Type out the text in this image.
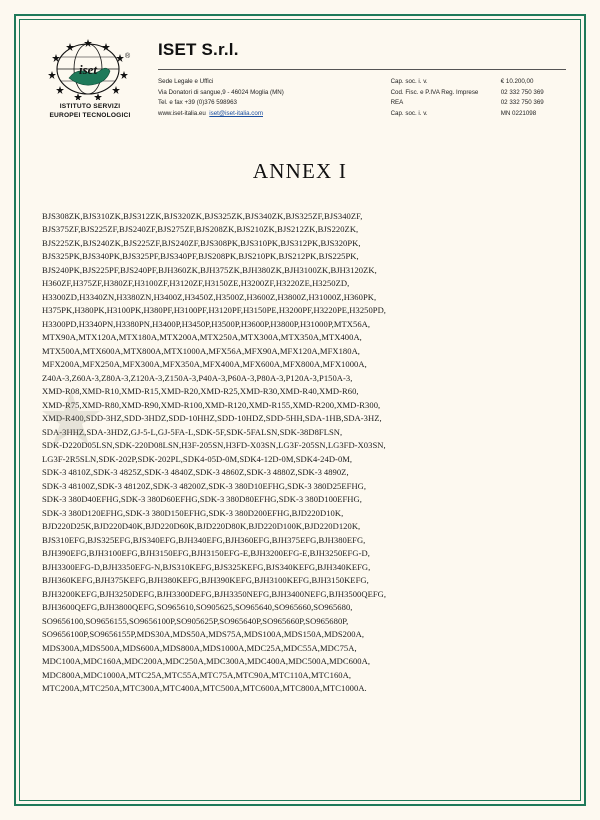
iset
®
ISTITUTO SERVIZI
EUROPEI TECNOLOGICI
ISET S.r.l.
Sede Legale e Uffici	Cap. soc. i. v.	€ 10.200,00
Via Donatori di sangue,9 - 46024 Moglia (MN)	Cod. Fisc. e P.IVA Reg. Imprese	02 332 750 369
Tel. e fax +39 (0)376 598963	REA	02 332 750 369
www.iset-italia.eu iset@iset-italia.com	Cap. soc. i. v.	MN 0221098
ANNEX I
BJS308ZK,BJS310ZK,BJS312ZK,BJS320ZK,BJS325ZK,BJS340ZK,BJS325ZF,BJS340ZF,
BJS375ZF,BJS225ZF,BJS240ZF,BJS275ZF,BJS208ZK,BJS210ZK,BJS212ZK,BJS220ZK,
BJS225ZK,BJS240ZK,BJS225ZF,BJS240ZF,BJS308PK,BJS310PK,BJS312PK,BJS320PK,
BJS325PK,BJS340PK,BJS325PF,BJS340PF,BJS208PK,BJS210PK,BJS212PK,BJS225PK,
BJS240PK,BJS225PF,BJS240PF,BJH360ZK,BJH375ZK,BJH380ZK,BJH3100ZK,BJH3120ZK,
H360ZF,H375ZF,H380ZF,H3100ZF,H3120ZF,H3150ZE,H3200ZF,H3220ZE,H3250ZD,
H3300ZD,H3340ZN,H3380ZN,H3400Z,H3450Z,H3500Z,H3600Z,H3800Z,H31000Z,H360PK,
H375PK,H380PK,H3100PK,H380PF,H3100PF,H3120PF,H3150PE,H3200PF,H3220PE,H3250PD,
H3300PD,H3340PN,H3380PN,H3400P,H3450P,H3500P,H3600P,H3800P,H31000P,MTX56A,
MTX90A,MTX120A,MTX180A,MTX200A,MTX250A,MTX300A,MTX350A,MTX400A,
MTX500A,MTX600A,MTX800A,MTX1000A,MFX56A,MFX90A,MFX120A,MFX180A,
MFX200A,MFX250A,MFX300A,MFX350A,MFX400A,MFX600A,MFX800A,MFX1000A,
Z40A-3,Z60A-3,Z80A-3,Z120A-3,Z150A-3,P40A-3,P60A-3,P80A-3,P120A-3,P150A-3,
XMD-R08,XMD-R10,XMD-R15,XMD-R20,XMD-R25,XMD-R30,XMD-R40,XMD-R60,
XMD-R75,XMD-R80,XMD-R90,XMD-R100,XMD-R120,XMD-R155,XMD-R200,XMD-R300,
XMD-R400,SDD-3HZ,SDD-3HDZ,SDD-10HHZ,SDD-10HDZ,SDD-5HH,SDA-1HB,SDA-3HZ,
SDA-3HHZ,SDA-3HDZ,GJ-5-L,GJ-5FA-L,SDK-5F,SDK-5FALSN,SDK-38D8FLSN,
SDK-D220D05LSN,SDK-220D08LSN,H3F-205SN,H3FD-X03SN,LG3F-205SN,LG3FD-X03SN,
LG3F-2R5SLN,SDK-202P,SDK-202PL,SDK4-05D-0M,SDK4-12D-0M,SDK4-24D-0M,
SDK-3 4810Z,SDK-3 4825Z,SDK-3 4840Z,SDK-3 4860Z,SDK-3 4880Z,SDK-3 4890Z,
SDK-3 48100Z,SDK-3 48120Z,SDK-3 48200Z,SDK-3 380D10EFHG,SDK-3 380D25EFHG,
SDK-3 380D40EFHG,SDK-3 380D60EFHG,SDK-3 380D80EFHG,SDK-3 380D100EFHG,
SDK-3 380D120EFHG,SDK-3 380D150EFHG,SDK-3 380D200EFHG,BJD220D10K,
BJD220D25K,BJD220D40K,BJD220D60K,BJD220D80K,BJD220D100K,BJD220D120K,
BJS310EFG,BJS325EFG,BJS340EFG,BJH340EFG,BJH360EFG,BJH375EFG,BJH380EFG,
BJH390EFG,BJH3100EFG,BJH3150EFG,BJH3150EFG-E,BJH3200EFG-E,BJH3250EFG-D,
BJH3300EFG-D,BJH3350EFG-N,BJS310KEFG,BJS325KEFG,BJS340KEFG,BJH340KEFG,
BJH360KEFG,BJH375KEFG,BJH380KEFG,BJH390KEFG,BJH3100KEFG,BJH3150KEFG,
BJH3200KEFG,BJH3250DEFG,BJH3300DEFG,BJH3350NEFG,BJH3400NEFG,BJH3500QEFG,
BJH3600QEFG,BJH3800QEFG,SO965610,SO905625,SO965640,SO965660,SO965680,
SO9656100,SO9656155,SO9656100P,SO905625P,SO965640P,SO965660P,SO965680P,
SO9656100P,SO9656155P,MDS30A,MDS50A,MDS75A,MDS100A,MDS150A,MDS200A,
MDS300A,MDS500A,MDS600A,MDS800A,MDS1000A,MDC25A,MDC55A,MDC75A,
MDC100A,MDC160A,MDC200A,MDC250A,MDC300A,MDC400A,MDC500A,MDC600A,
MDC800A,MDC1000A,MTC25A,MTC55A,MTC75A,MTC90A,MTC110A,MTC160A,
MTC200A,MTC250A,MTC300A,MTC400A,MTC500A,MTC600A,MTC800A,MTC1000A.
